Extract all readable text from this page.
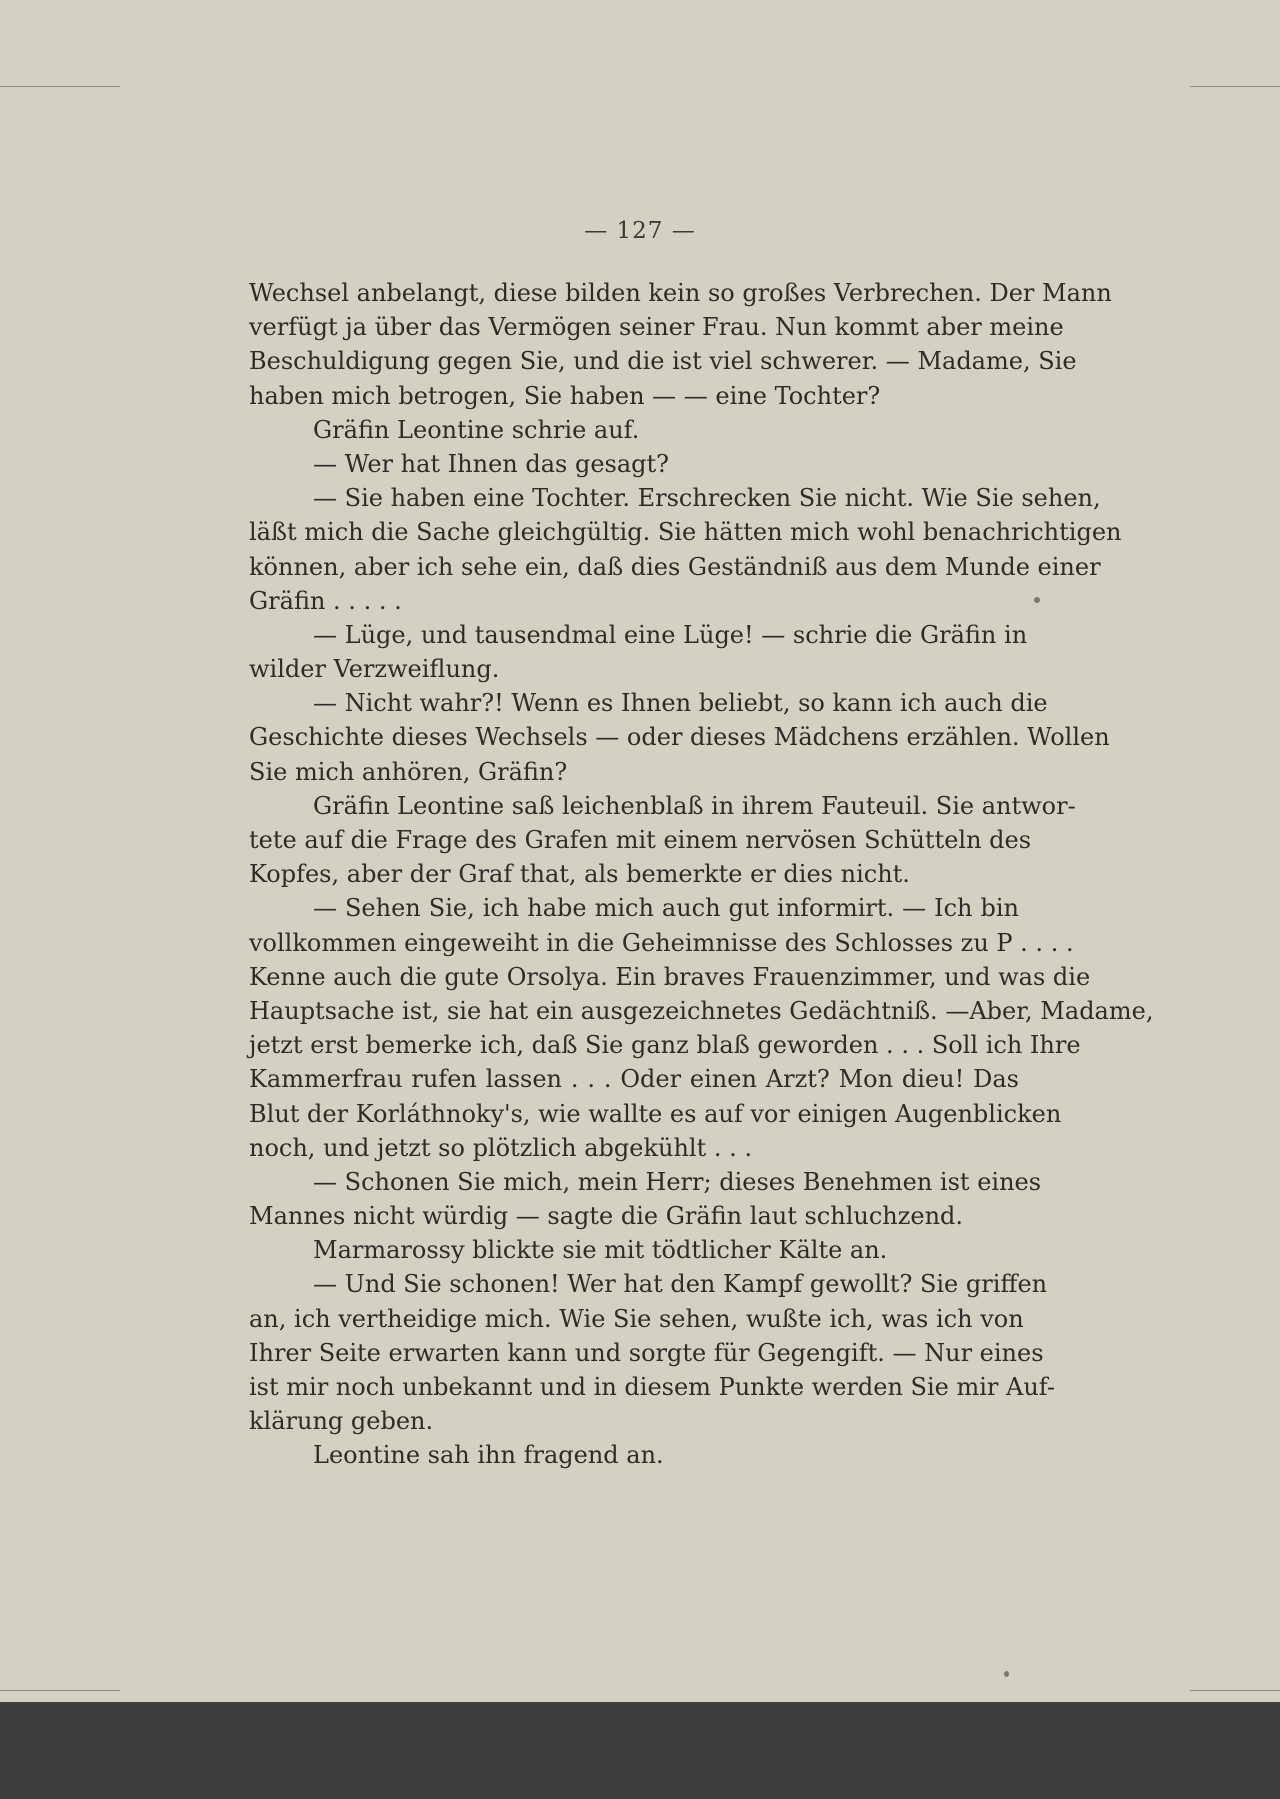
— 127 —
Wechsel anbelangt, diese bilden kein so großes Verbrechen. Der Mann
verfügt ja über das Vermögen seiner Frau. Nun kommt aber meine
Beschuldigung gegen Sie, und die ist viel schwerer. — Madame, Sie
haben mich betrogen, Sie haben — — eine Tochter?
Gräfin Leontine schrie auf.
— Wer hat Ihnen das gesagt?
— Sie haben eine Tochter. Erschrecken Sie nicht. Wie Sie sehen,
läßt mich die Sache gleichgültig. Sie hätten mich wohl benachrichtigen
können, aber ich sehe ein, daß dies Geständniß aus dem Munde einer
Gräfin . . . . .
— Lüge, und tausendmal eine Lüge! — schrie die Gräfin in
wilder Verzweiflung.
— Nicht wahr?! Wenn es Ihnen beliebt, so kann ich auch die
Geschichte dieses Wechsels — oder dieses Mädchens erzählen. Wollen
Sie mich anhören, Gräfin?
Gräfin Leontine saß leichenblaß in ihrem Fauteuil. Sie antwor-
tete auf die Frage des Grafen mit einem nervösen Schütteln des
Kopfes, aber der Graf that, als bemerkte er dies nicht.
— Sehen Sie, ich habe mich auch gut informirt. — Ich bin
vollkommen eingeweiht in die Geheimnisse des Schlosses zu P . . . .
Kenne auch die gute Orsolya. Ein braves Frauenzimmer, und was die
Hauptsache ist, sie hat ein ausgezeichnetes Gedächtniß. —Aber, Madame,
jetzt erst bemerke ich, daß Sie ganz blaß geworden . . . Soll ich Ihre
Kammerfrau rufen lassen . . . Oder einen Arzt? Mon dieu! Das
Blut der Korláthnoky's, wie wallte es auf vor einigen Augenblicken
noch, und jetzt so plötzlich abgekühlt . . .
— Schonen Sie mich, mein Herr; dieses Benehmen ist eines
Mannes nicht würdig — sagte die Gräfin laut schluchzend.
Marmarossy blickte sie mit tödtlicher Kälte an.
— Und Sie schonen! Wer hat den Kampf gewollt? Sie griffen
an, ich vertheidige mich. Wie Sie sehen, wußte ich, was ich von
Ihrer Seite erwarten kann und sorgte für Gegengift. — Nur eines
ist mir noch unbekannt und in diesem Punkte werden Sie mir Auf-
klärung geben.
Leontine sah ihn fragend an.
